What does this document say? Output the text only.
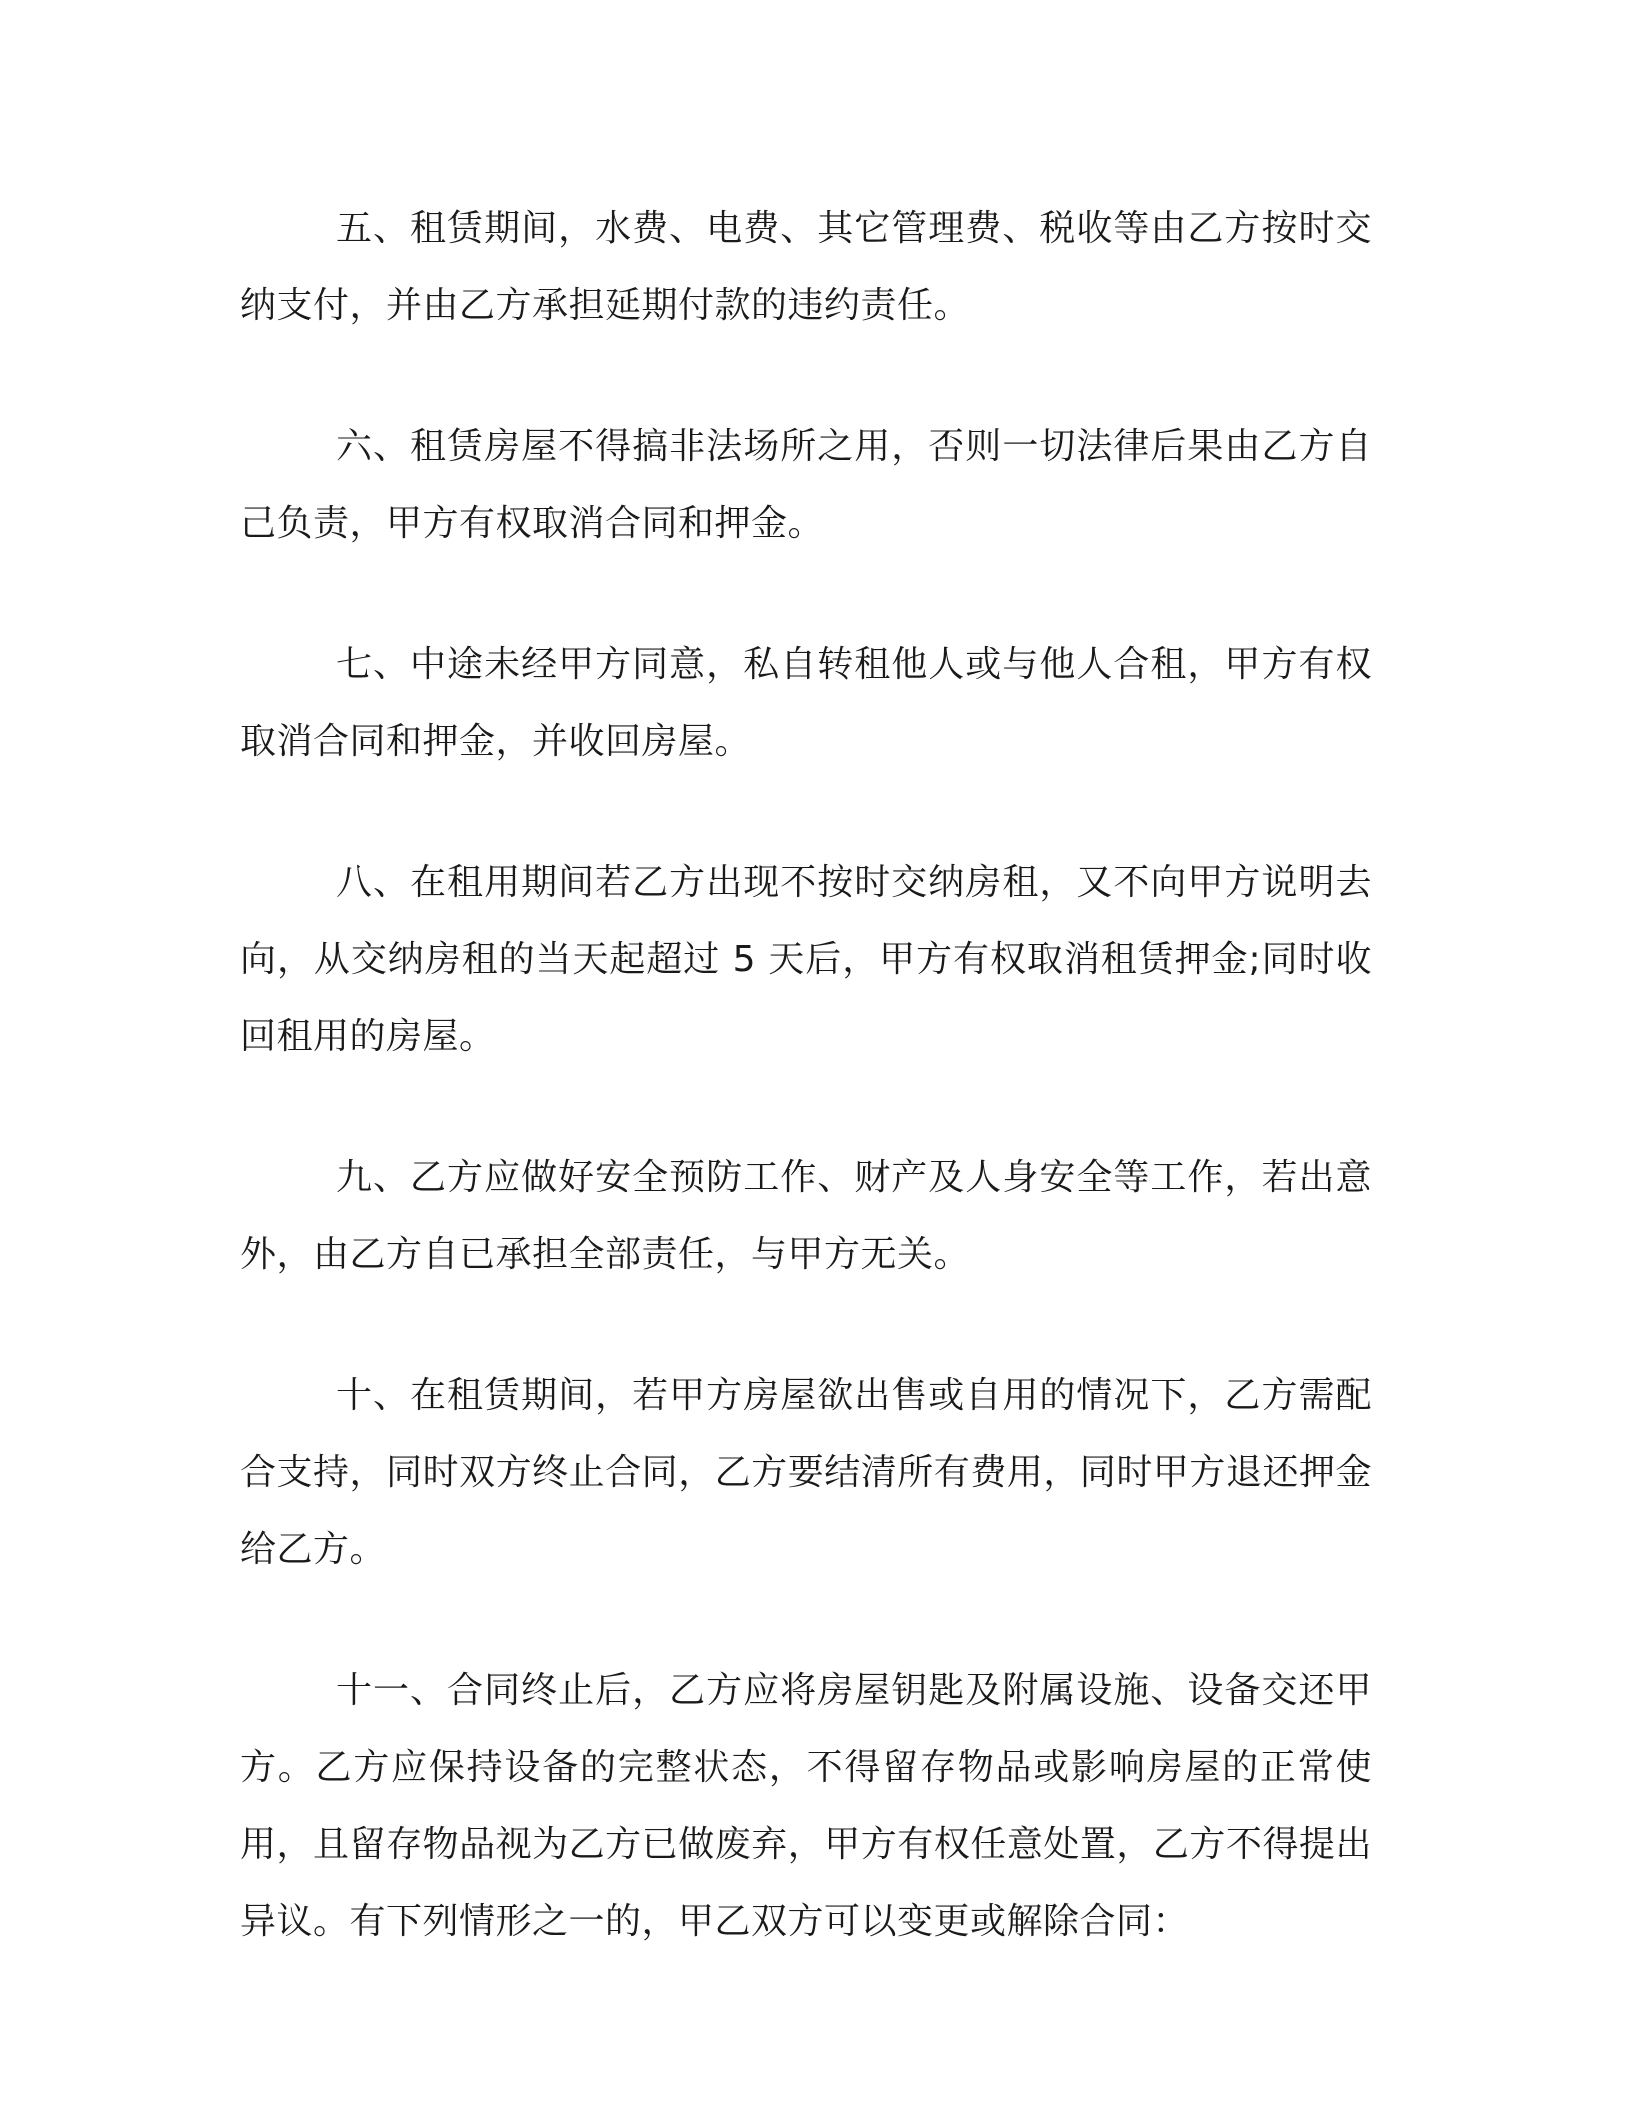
五、租赁期间，水费、电费、其它管理费、税收等由乙方按时交纳支付，并由乙方承担延期付款的违约责任。

六、租赁房屋不得搞非法场所之用，否则一切法律后果由乙方自己负责，甲方有权取消合同和押金。

七、中途未经甲方同意，私自转租他人或与他人合租，甲方有权取消合同和押金，并收回房屋。

八、在租用期间若乙方出现不按时交纳房租，又不向甲方说明去向，从交纳房租的当天起超过 5 天后，甲方有权取消租赁押金;同时收回租用的房屋。

九、乙方应做好安全预防工作、财产及人身安全等工作，若出意外，由乙方自已承担全部责任，与甲方无关。

十、在租赁期间，若甲方房屋欲出售或自用的情况下，乙方需配合支持，同时双方终止合同，乙方要结清所有费用，同时甲方退还押金给乙方。

十一、合同终止后，乙方应将房屋钥匙及附属设施、设备交还甲方。乙方应保持设备的完整状态，不得留存物品或影响房屋的正常使用，且留存物品视为乙方已做废弃，甲方有权任意处置，乙方不得提出异议。有下列情形之一的，甲乙双方可以变更或解除合同：
